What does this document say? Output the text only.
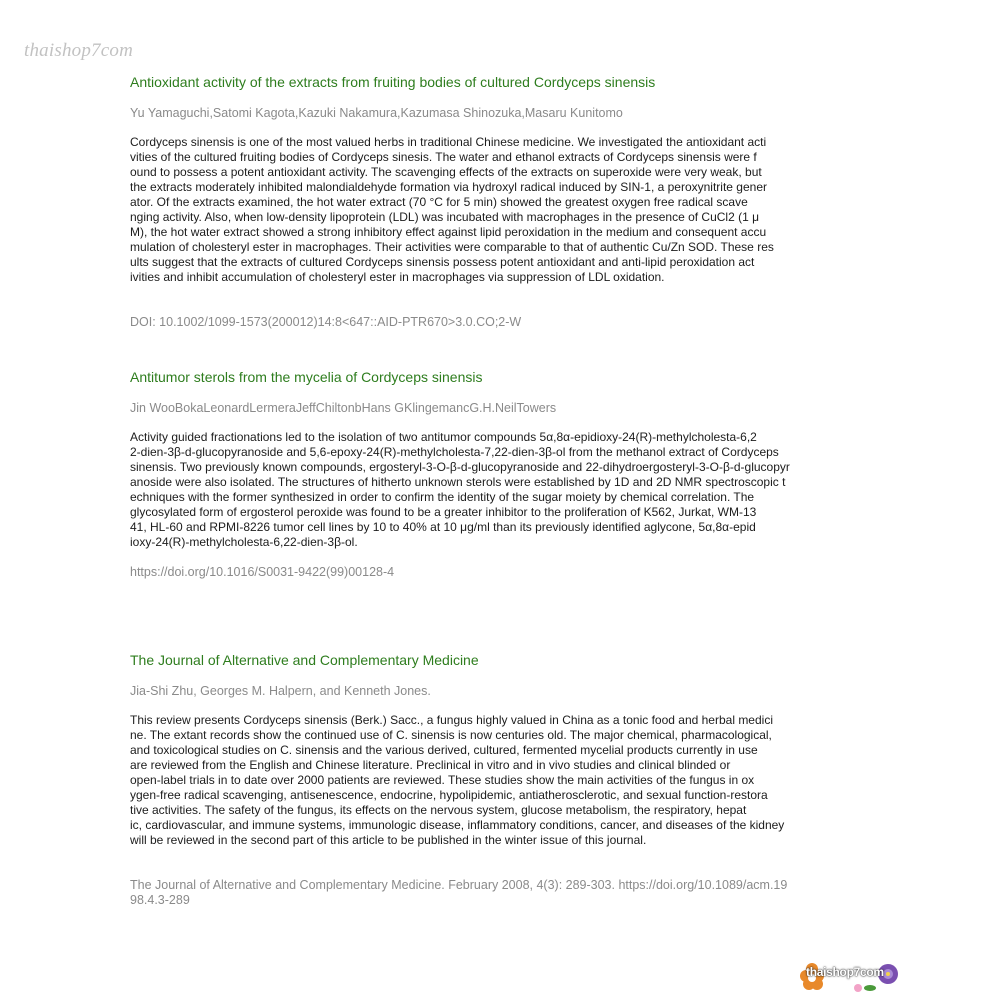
thaishop7com
Antioxidant activity of the extracts from fruiting bodies of cultured Cordyceps sinensis
Yu Yamaguchi,Satomi Kagota,Kazuki Nakamura,Kazumasa Shinozuka,Masaru Kunitomo
Cordyceps sinensis is one of the most valued herbs in traditional Chinese medicine. We investigated the antioxidant acti
vities of the cultured fruiting bodies of Cordyceps sinesis. The water and ethanol extracts of Cordyceps sinensis were f
ound to possess a potent antioxidant activity. The scavenging effects of the extracts on superoxide were very weak, but
the extracts moderately inhibited malondialdehyde formation via hydroxyl radical induced by SIN-1, a peroxynitrite gener
ator. Of the extracts examined, the hot water extract (70 °C for 5 min) showed the greatest oxygen free radical scave
nging activity. Also, when low-density lipoprotein (LDL) was incubated with macrophages in the presence of CuCl2 (1 μ
M), the hot water extract showed a strong inhibitory effect against lipid peroxidation in the medium and consequent accu
mulation of cholesteryl ester in macrophages. Their activities were comparable to that of authentic Cu/Zn SOD. These res
ults suggest that the extracts of cultured Cordyceps sinensis possess potent antioxidant and anti-lipid peroxidation act
ivities and inhibit accumulation of cholesteryl ester in macrophages via suppression of LDL oxidation.
DOI: 10.1002/1099-1573(200012)14:8<647::AID-PTR670>3.0.CO;2-W
Antitumor sterols from the mycelia of Cordyceps sinensis
Jin WooBokaLeonardLermeraJeffChiltonbHans GKlingemancG.H.NeilTowers
Activity guided fractionations led to the isolation of two antitumor compounds 5α,8α-epidioxy-24(R)-methylcholesta-6,2
2-dien-3β-d-glucopyranoside and 5,6-epoxy-24(R)-methylcholesta-7,22-dien-3β-ol from the methanol extract of Cordyceps
sinensis. Two previously known compounds, ergosteryl-3-O-β-d-glucopyranoside and 22-dihydroergosteryl-3-O-β-d-glucopyr
anoside were also isolated. The structures of hitherto unknown sterols were established by 1D and 2D NMR spectroscopic t
echniques with the former synthesized in order to confirm the identity of the sugar moiety by chemical correlation. The
glycosylated form of ergosterol peroxide was found to be a greater inhibitor to the proliferation of K562, Jurkat, WM-13
41, HL-60 and RPMI-8226 tumor cell lines by 10 to 40% at 10 μg/ml than its previously identified aglycone, 5α,8α-epid
ioxy-24(R)-methylcholesta-6,22-dien-3β-ol.
https://doi.org/10.1016/S0031-9422(99)00128-4
The Journal of Alternative and Complementary Medicine
Jia-Shi Zhu, Georges M. Halpern, and Kenneth Jones.
This review presents Cordyceps sinensis (Berk.) Sacc., a fungus highly valued in China as a tonic food and herbal medici
ne. The extant records show the continued use of C. sinensis is now centuries old. The major chemical, pharmacological,
and toxicological studies on C. sinensis and the various derived, cultured, fermented mycelial products currently in use
are reviewed from the English and Chinese literature. Preclinical in vitro and in vivo studies and clinical blinded or
open-label trials in to date over 2000 patients are reviewed. These studies show the main activities of the fungus in ox
ygen-free radical scavenging, antisenescence, endocrine, hypolipidemic, antiatherosclerotic, and sexual function-restora
tive activities. The safety of the fungus, its effects on the nervous system, glucose metabolism, the respiratory, hepat
ic, cardiovascular, and immune systems, immunologic disease, inflammatory conditions, cancer, and diseases of the kidney
will be reviewed in the second part of this article to be published in the winter issue of this journal.
The Journal of Alternative and Complementary Medicine. February 2008, 4(3): 289-303. https://doi.org/10.1089/acm.19
98.4.3-289
thaishop7com
